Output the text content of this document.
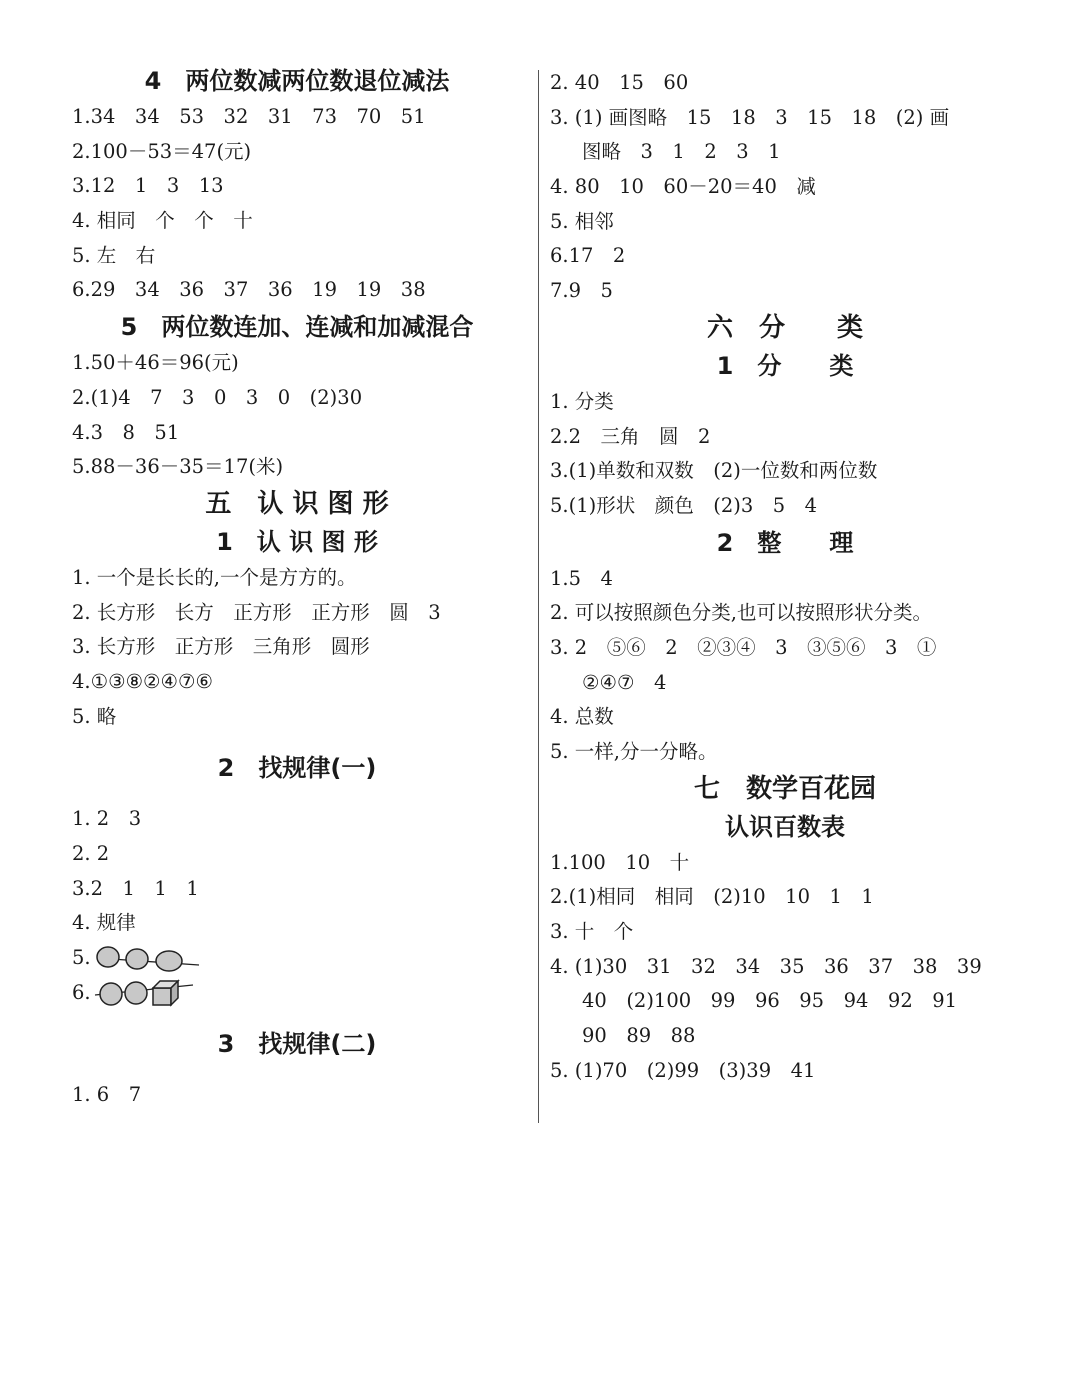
4　两位数减两位数退位减法
1.34　34　53　32　31　73　70　51
2.100－53＝47(元)
3.12　1　3　13
4. 相同　个　个　十
5. 左　右
6.29　34　36　37　36　19　19　38
5　两位数连加、连减和加减混合
1.50＋46＝96(元)
2.(1)4　7　3　0　3　0　(2)30
4.3　8　51
5.88－36－35＝17(米)
五　认 识 图 形
1　认 识 图 形
1. 一个是长长的,一个是方方的。
2. 长方形　长方　正方形　正方形　圆　3
3. 长方形　正方形　三角形　圆形
4.①③⑧②④⑦⑥
5. 略
2　找规律(一)
1. 2　3
2. 2
3.2　1　1　1
4. 规律
5.
6.
3　找规律(二)
1. 6　7
2. 40　15　60
3. (1) 画图略　15　18　3　15　18　(2) 画
图略　3　1　2　3　1
4. 80　10　60－20＝40　减
5. 相邻
6.17　2
7.9　5
六　分　　类
1　分　　类
1. 分类
2.2　三角　圆　2
3.(1)单数和双数　(2)一位数和两位数
5.(1)形状　颜色　(2)3　5　4
2　整　　理
1.5　4
2. 可以按照颜色分类,也可以按照形状分类。
3. 2　⑤⑥　2　②③④　3　③⑤⑥　3　①
②④⑦　4
4. 总数
5. 一样,分一分略。
七　数学百花园
认识百数表
1.100　10　十
2.(1)相同　相同　(2)10　10　1　1
3. 十　个
4. (1)30　31　32　34　35　36　37　38　39
40　(2)100　99　96　95　94　92　91
90　89　88
5. (1)70　(2)99　(3)39　41
